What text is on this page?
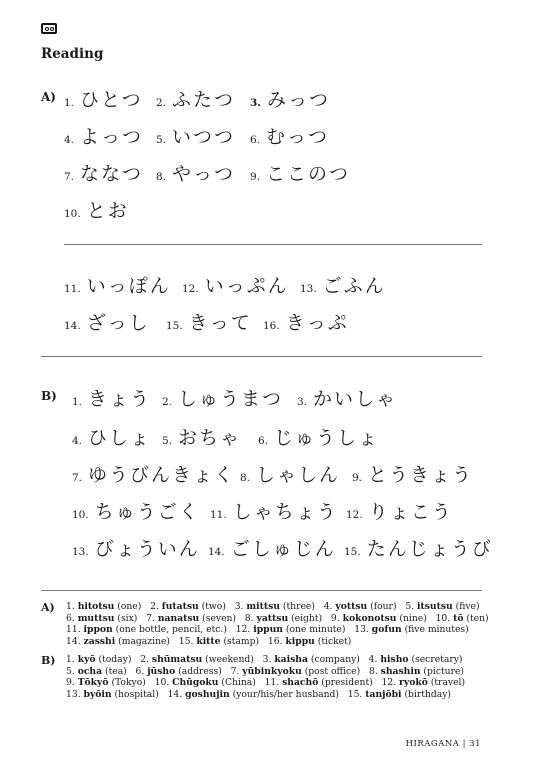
Reading
A) 1. ひとつ 2. ふたつ 3. みっつ
4. よっつ 5. いつつ 6. むっつ
7. ななつ 8. やっつ 9. ここのつ
10. とお
11. いっぽん 12. いっぷん 13. ごふん
14. ざっし 15. きって 16. きっぷ
B) 1. きょう 2. しゅうまつ 3. かいしゃ
4. ひしょ 5. おちゃ 6. じゅうしょ
7. ゆうびんきょく 8. しゃしん 9. とうきょう
10. ちゅうごく 11. しゃちょう 12. りょこう
13. びょういん 14. ごしゅじん 15. たんじょうび
A) 1. hitotsu (one) 2. futatsu (two) 3. mittsu (three) 4. yottsu (four) 5. itsutsu (five)
6. muttsu (six) 7. nanatsu (seven) 8. yattsu (eight) 9. kokonotsu (nine) 10. tō (ten)
11. ippon (one bottle, pencil, etc.) 12. ippun (one minute) 13. gofun (five minutes)
14. zasshi (magazine) 15. kitte (stamp) 16. kippu (ticket)
B) 1. kyō (today) 2. shūmatsu (weekend) 3. kaisha (company) 4. hisho (secretary)
5. ocha (tea) 6. jūsho (address) 7. yūbinkyoku (post office) 8. shashin (picture)
9. Tōkyō (Tokyo) 10. Chūgoku (China) 11. shachō (president) 12. ryokō (travel)
13. byōin (hospital) 14. goshujin (your/his/her husband) 15. tanjōbi (birthday)
HIRAGANA | 31
